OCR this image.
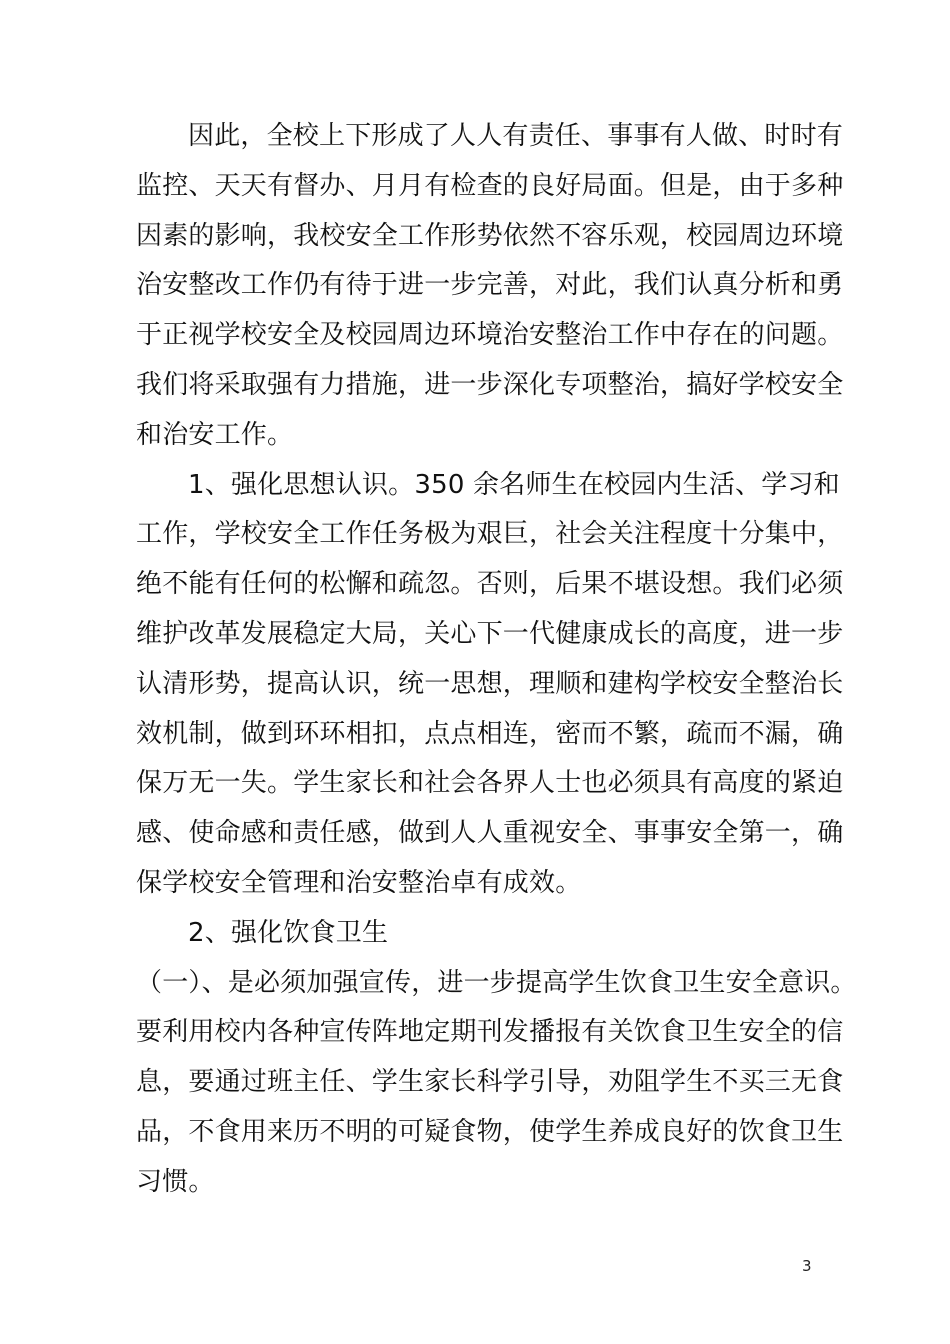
因此，全校上下形成了人人有责任、事事有人做、时时有
监控、天天有督办、月月有检查的良好局面。但是，由于多种
因素的影响，我校安全工作形势依然不容乐观，校园周边环境
治安整改工作仍有待于进一步完善，对此，我们认真分析和勇
于正视学校安全及校园周边环境治安整治工作中存在的问题。
我们将采取强有力措施，进一步深化专项整治，搞好学校安全
和治安工作。
1、强化思想认识。350 余名师生在校园内生活、学习和
工作，学校安全工作任务极为艰巨，社会关注程度十分集中，
绝不能有任何的松懈和疏忽。否则，后果不堪设想。我们必须
维护改革发展稳定大局，关心下一代健康成长的高度，进一步
认清形势，提高认识，统一思想，理顺和建构学校安全整治长
效机制，做到环环相扣，点点相连，密而不繁，疏而不漏，确
保万无一失。学生家长和社会各界人士也必须具有高度的紧迫
感、使命感和责任感，做到人人重视安全、事事安全第一，确
保学校安全管理和治安整治卓有成效。
2、强化饮食卫生
（一）、是必须加强宣传，进一步提高学生饮食卫生安全意识。
要利用校内各种宣传阵地定期刊发播报有关饮食卫生安全的信
息，要通过班主任、学生家长科学引导，劝阻学生不买三无食
品，不食用来历不明的可疑食物，使学生养成良好的饮食卫生
习惯。
3
